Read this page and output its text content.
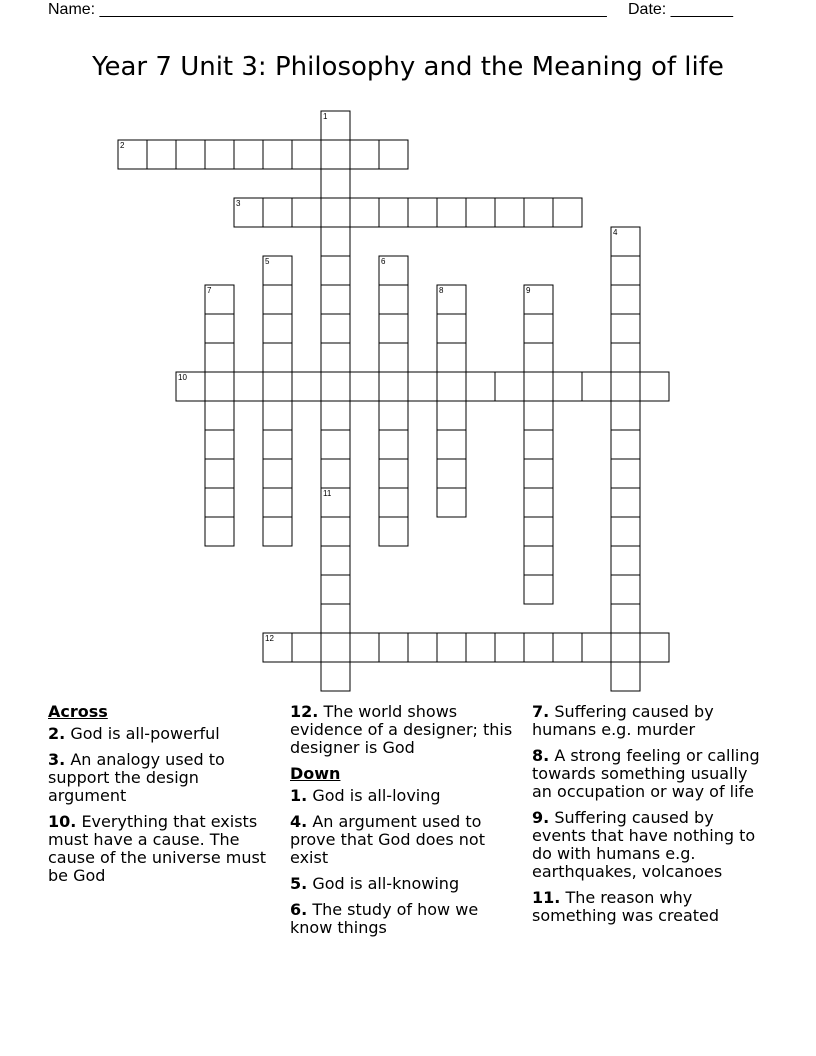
Name: _________________________________________________________ Date: _______
Year 7 Unit 3: Philosophy and the Meaning of life
1
2
3
4
5	6
7	8	9
10
11
12
Across
2. God is all-powerful
3. An analogy used to support the design argument
10. Everything that exists must have a cause. The cause of the universe must be God
12. The world shows evidence of a designer; this designer is God
Down
1. God is all-loving
4. An argument used to prove that God does not exist
5. God is all-knowing
6. The study of how we know things
7. Suffering caused by humans e.g. murder
8. A strong feeling or calling towards something usually an occupation or way of life
9. Suffering caused by events that have nothing to do with humans e.g. earthquakes, volcanoes
11. The reason why something was created
